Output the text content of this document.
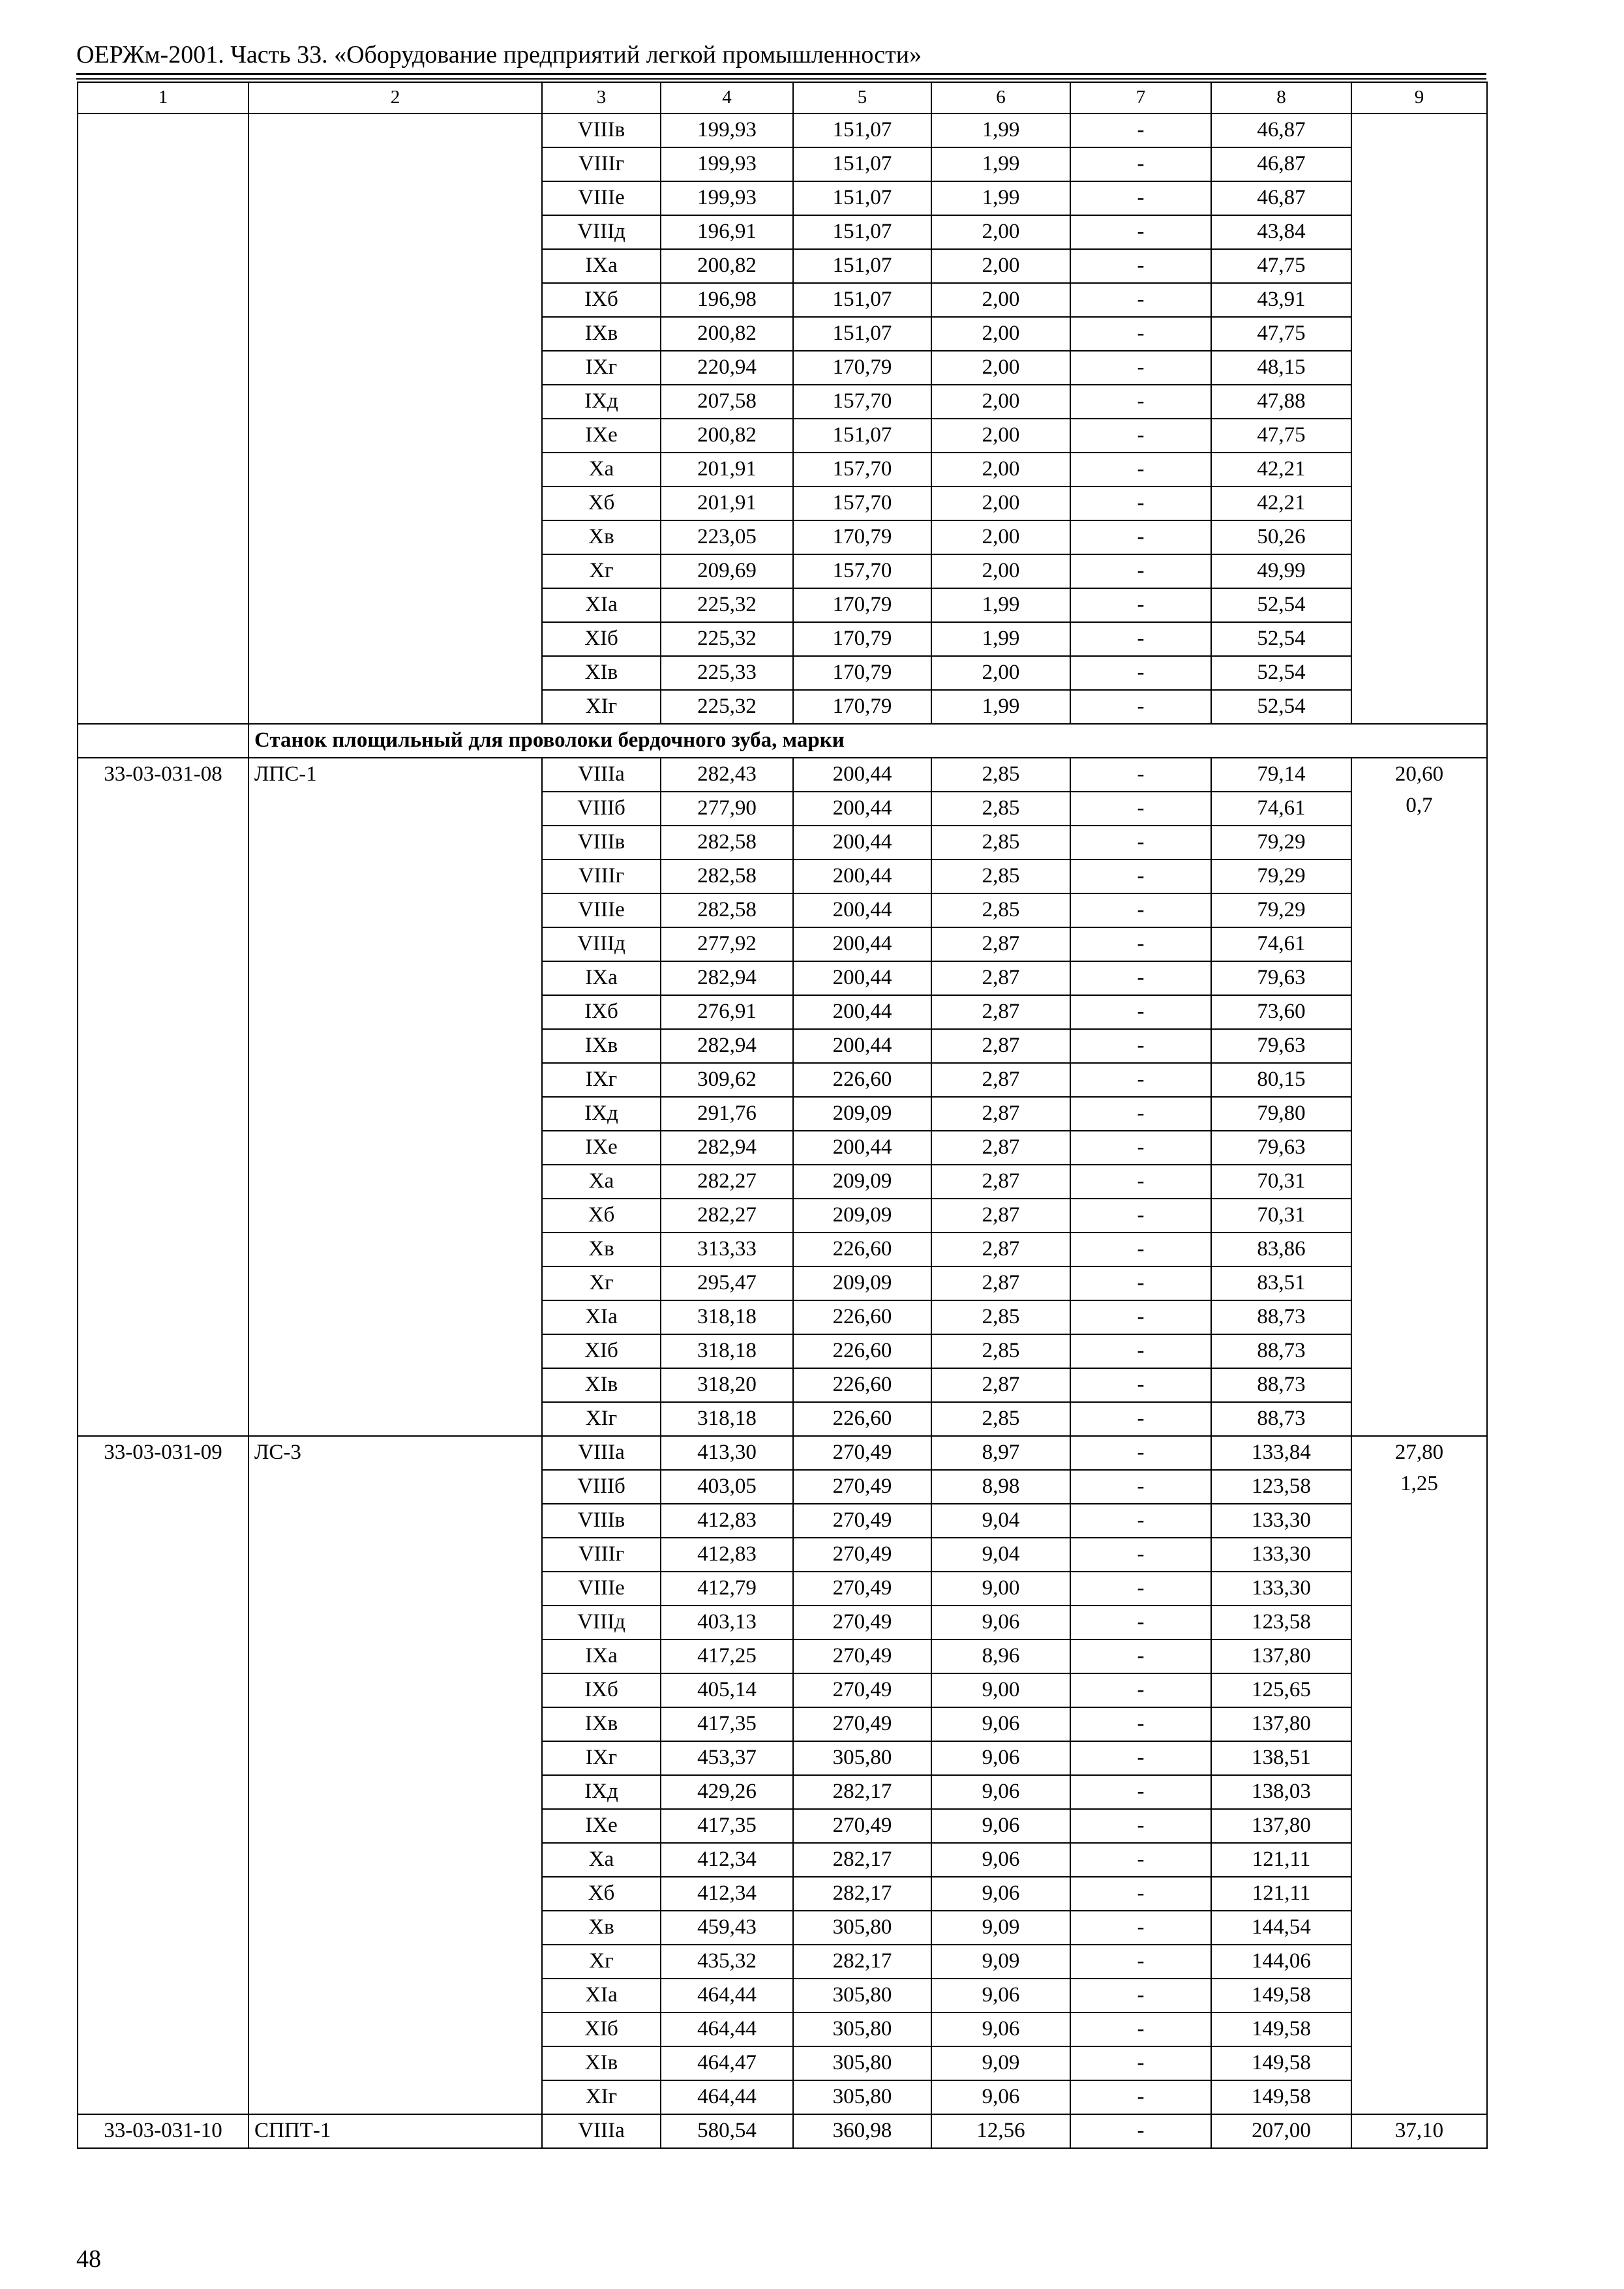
ОЕРЖм-2001. Часть 33. «Оборудование предприятий легкой промышленности»
1	2	3	4	5	6	7	8	9
		VIIIв	199,93	151,07	1,99	-	46,87	
		VIIIг	199,93	151,07	1,99	-	46,87	
		VIIIе	199,93	151,07	1,99	-	46,87	
		VIIIд	196,91	151,07	2,00	-	43,84	
		IXа	200,82	151,07	2,00	-	47,75	
		IXб	196,98	151,07	2,00	-	43,91	
		IXв	200,82	151,07	2,00	-	47,75	
		IXг	220,94	170,79	2,00	-	48,15	
		IXд	207,58	157,70	2,00	-	47,88	
		IXе	200,82	151,07	2,00	-	47,75	
		Xа	201,91	157,70	2,00	-	42,21	
		Xб	201,91	157,70	2,00	-	42,21	
		Xв	223,05	170,79	2,00	-	50,26	
		Xг	209,69	157,70	2,00	-	49,99	
		XIа	225,32	170,79	1,99	-	52,54	
		XIб	225,32	170,79	1,99	-	52,54	
		XIв	225,33	170,79	2,00	-	52,54	
		XIг	225,32	170,79	1,99	-	52,54	
	Станок площильный для проволоки бердочного зуба, марки							
33-03-031-08	ЛПС-1	VIIIа	282,43	200,44	2,85	-	79,14	20,60
0,7

		VIIIб	277,90	200,44	2,85	-	74,61	
		VIIIв	282,58	200,44	2,85	-	79,29	
		VIIIг	282,58	200,44	2,85	-	79,29	
		VIIIе	282,58	200,44	2,85	-	79,29	
		VIIIд	277,92	200,44	2,87	-	74,61	
		IXа	282,94	200,44	2,87	-	79,63	
		IXб	276,91	200,44	2,87	-	73,60	
		IXв	282,94	200,44	2,87	-	79,63	
		IXг	309,62	226,60	2,87	-	80,15	
		IXд	291,76	209,09	2,87	-	79,80	
		IXе	282,94	200,44	2,87	-	79,63	
		Xа	282,27	209,09	2,87	-	70,31	
		Xб	282,27	209,09	2,87	-	70,31	
		Xв	313,33	226,60	2,87	-	83,86	
		Xг	295,47	209,09	2,87	-	83,51	
		XIа	318,18	226,60	2,85	-	88,73	
		XIб	318,18	226,60	2,85	-	88,73	
		XIв	318,20	226,60	2,87	-	88,73	
		XIг	318,18	226,60	2,85	-	88,73	
33-03-031-09	ЛС-3	VIIIа	413,30	270,49	8,97	-	133,84	27,80
1,25

		VIIIб	403,05	270,49	8,98	-	123,58	
		VIIIв	412,83	270,49	9,04	-	133,30	
		VIIIг	412,83	270,49	9,04	-	133,30	
		VIIIе	412,79	270,49	9,00	-	133,30	
		VIIIд	403,13	270,49	9,06	-	123,58	
		IXа	417,25	270,49	8,96	-	137,80	
		IXб	405,14	270,49	9,00	-	125,65	
		IXв	417,35	270,49	9,06	-	137,80	
		IXг	453,37	305,80	9,06	-	138,51	
		IXд	429,26	282,17	9,06	-	138,03	
		IXе	417,35	270,49	9,06	-	137,80	
		Xа	412,34	282,17	9,06	-	121,11	
		Xб	412,34	282,17	9,06	-	121,11	
		Xв	459,43	305,80	9,09	-	144,54	
		Xг	435,32	282,17	9,09	-	144,06	
		XIа	464,44	305,80	9,06	-	149,58	
		XIб	464,44	305,80	9,06	-	149,58	
		XIв	464,47	305,80	9,09	-	149,58	
		XIг	464,44	305,80	9,06	-	149,58	
33-03-031-10	СППТ-1	VIIIа	580,54	360,98	12,56	-	207,00	37,10
48
